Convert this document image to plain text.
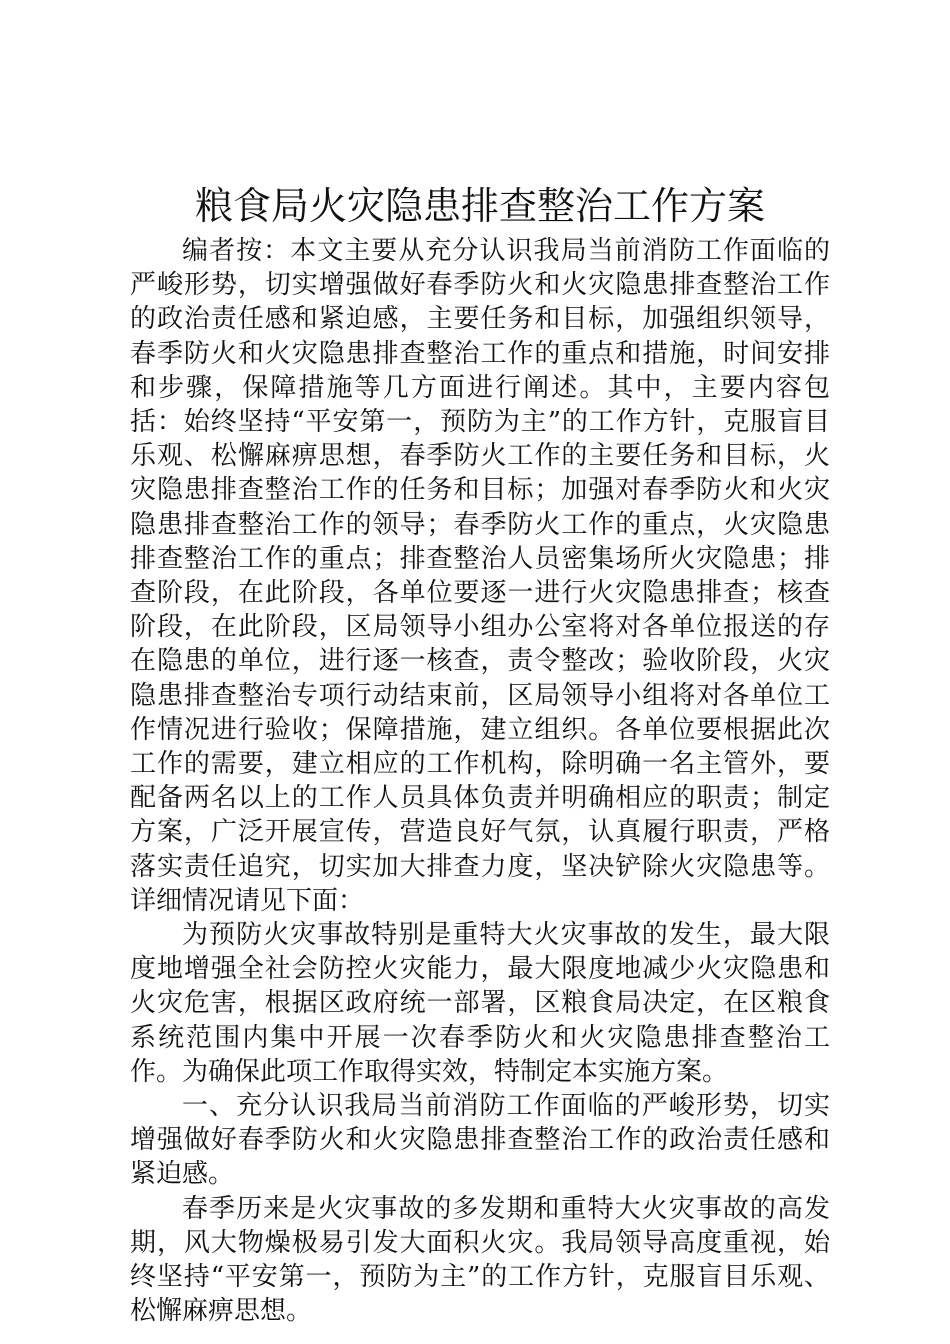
粮食局火灾隐患排查整治工作方案

编者按：本文主要从充分认识我局当前消防工作面临的严峻形势，切实增强做好春季防火和火灾隐患排查整治工作的政治责任感和紧迫感，主要任务和目标，加强组织领导，春季防火和火灾隐患排查整治工作的重点和措施，时间安排和步骤，保障措施等几方面进行阐述。其中，主要内容包括：始终坚持“平安第一，预防为主”的工作方针，克服盲目乐观、松懈麻痹思想，春季防火工作的主要任务和目标，火灾隐患排查整治工作的任务和目标；加强对春季防火和火灾隐患排查整治工作的领导；春季防火工作的重点，火灾隐患排查整治工作的重点；排查整治人员密集场所火灾隐患；排查阶段，在此阶段，各单位要逐一进行火灾隐患排查；核查阶段，在此阶段，区局领导小组办公室将对各单位报送的存在隐患的单位，进行逐一核查，责令整改；验收阶段，火灾隐患排查整治专项行动结束前，区局领导小组将对各单位工作情况进行验收；保障措施，建立组织。各单位要根据此次工作的需要，建立相应的工作机构，除明确一名主管外，要配备两名以上的工作人员具体负责并明确相应的职责；制定方案，广泛开展宣传，营造良好气氛，认真履行职责，严格落实责任追究，切实加大排查力度，坚决铲除火灾隐患等。详细情况请见下面：

为预防火灾事故特别是重特大火灾事故的发生，最大限度地增强全社会防控火灾能力，最大限度地减少火灾隐患和火灾危害，根据区政府统一部署，区粮食局决定，在区粮食系统范围内集中开展一次春季防火和火灾隐患排查整治工作。为确保此项工作取得实效，特制定本实施方案。

一、充分认识我局当前消防工作面临的严峻形势，切实增强做好春季防火和火灾隐患排查整治工作的政治责任感和紧迫感。

春季历来是火灾事故的多发期和重特大火灾事故的高发期，风大物燥极易引发大面积火灾。我局领导高度重视，始终坚持“平安第一，预防为主”的工作方针，克服盲目乐观、松懈麻痹思想。
